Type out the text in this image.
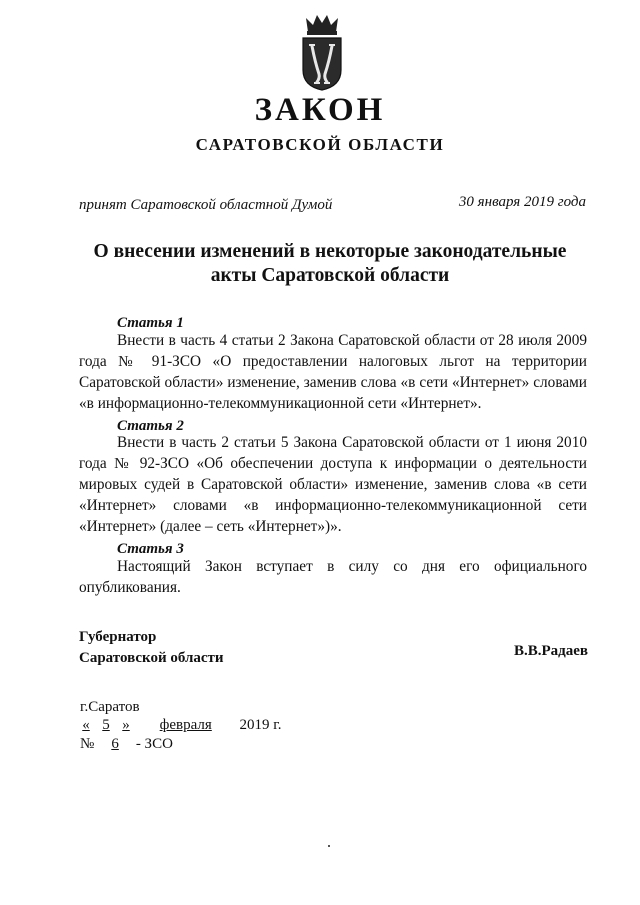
ЗАКОН
САРАТОВСКОЙ ОБЛАСТИ
принят Саратовской областной Думой	30 января 2019 года
О внесении изменений в некоторые законодательные акты Саратовской области
Статья 1
Внести в часть 4 статьи 2 Закона Саратовской области от 28 июля 2009 года № 91-ЗСО «О предоставлении налоговых льгот на территории Саратовской области» изменение, заменив слова «в сети «Интернет» словами «в информационно-телекоммуникационной сети «Интернет».
Статья 2
Внести в часть 2 статьи 5 Закона Саратовской области от 1 июня 2010 года № 92-ЗСО «Об обеспечении доступа к информации о деятельности мировых судей в Саратовской области» изменение, заменив слова «в сети «Интернет» словами «в информационно-телекоммуникационной сети «Интернет» (далее – сеть «Интернет»)».
Статья 3
Настоящий Закон вступает в силу со дня его официального опубликования.
Губернатор
Саратовской области	В.В.Радаев
г.Саратов
« 5 » февраля 2019 г.
№ 6 - ЗСО
